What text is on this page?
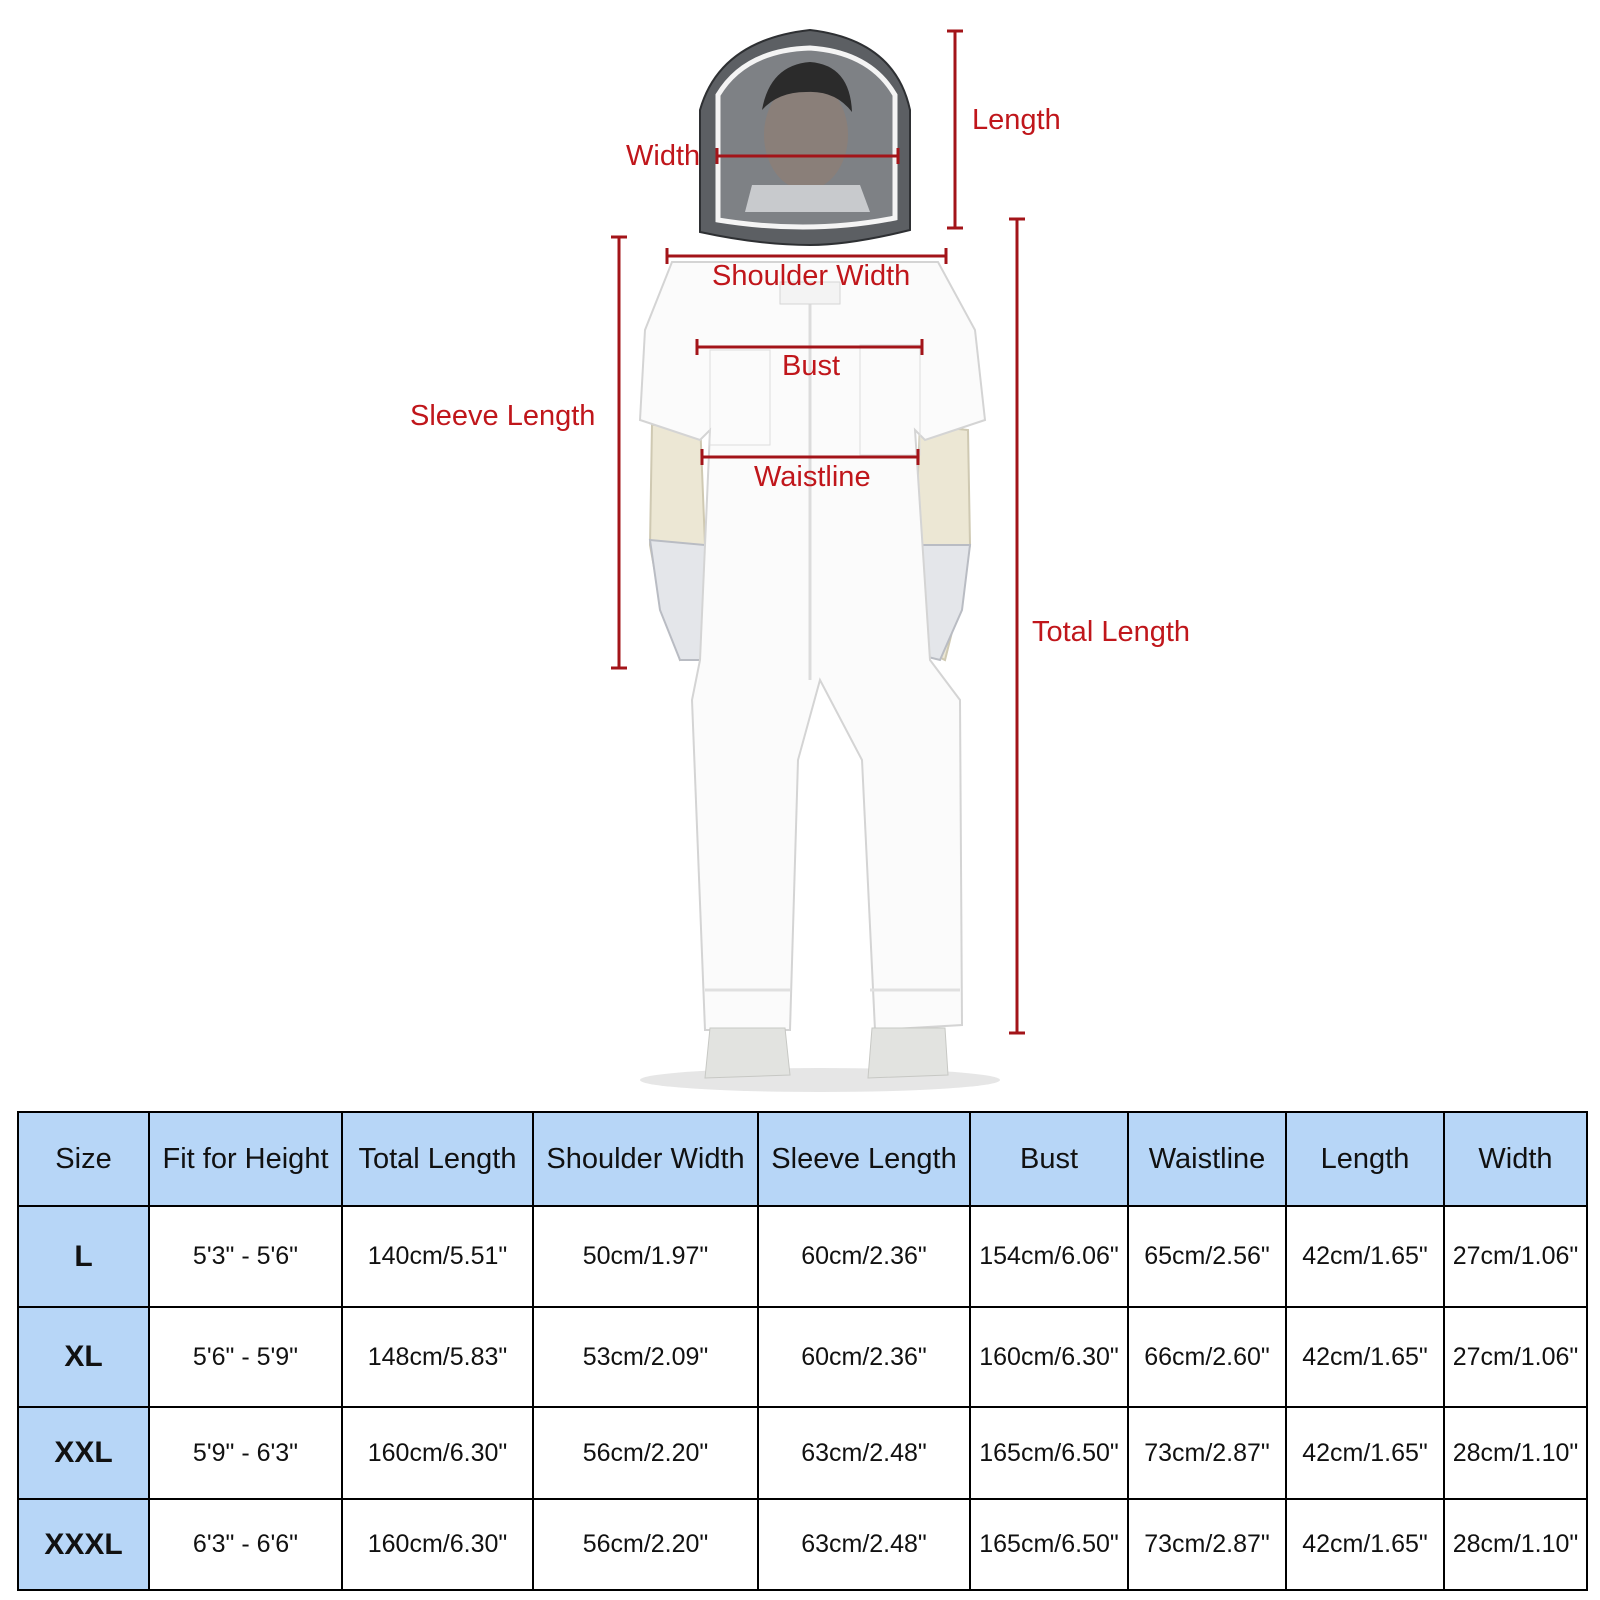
Width
Length
Shoulder Width
Bust
Sleeve Length
Waistline
Total Length
Size	Fit for Height	Total Length	Shoulder Width	Sleeve Length	Bust	Waistline	Length	Width
L	5'3" - 5'6"	140cm/5.51"	50cm/1.97"	60cm/2.36"	154cm/6.06"	65cm/2.56"	42cm/1.65"	27cm/1.06"
XL	5'6" - 5'9"	148cm/5.83"	53cm/2.09"	60cm/2.36"	160cm/6.30"	66cm/2.60"	42cm/1.65"	27cm/1.06"
XXL	5'9" - 6'3"	160cm/6.30"	56cm/2.20"	63cm/2.48"	165cm/6.50"	73cm/2.87"	42cm/1.65"	28cm/1.10"
XXXL	6'3" - 6'6"	160cm/6.30"	56cm/2.20"	63cm/2.48"	165cm/6.50"	73cm/2.87"	42cm/1.65"	28cm/1.10"
